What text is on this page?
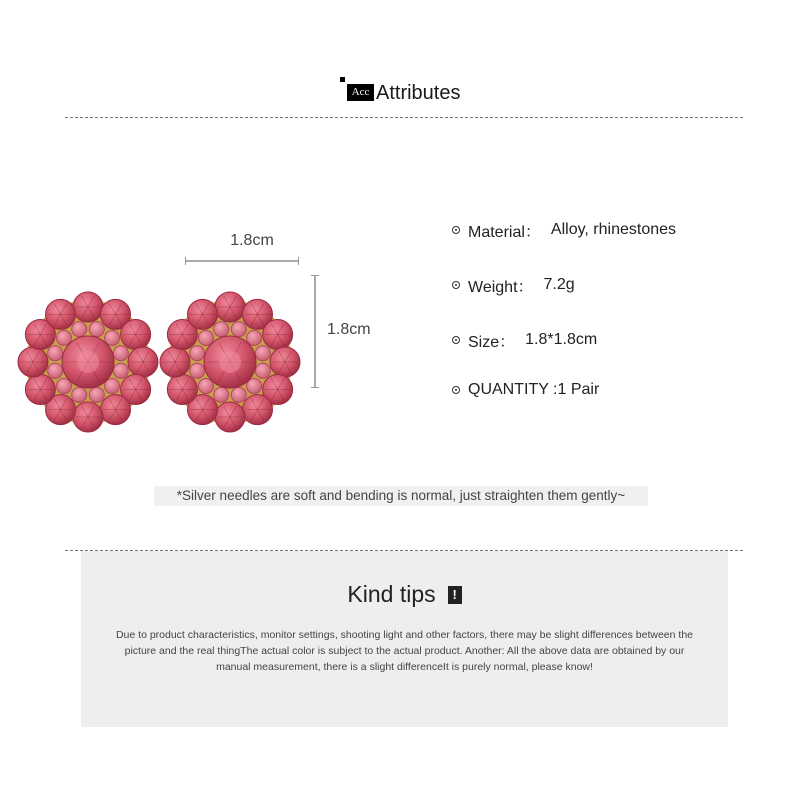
Acc Attributes
1.8cm
1.8cm
Material： Alloy, rhinestones
Weight： 7.2g
Size： 1.8*1.8cm
QUANTITY : 1 Pair
*Silver needles are soft and bending is normal, just straighten them gently~
Kind tips	!
Due to product characteristics, monitor settings, shooting light and other factors, there may be slight differences between the picture and the real thingThe actual color is subject to the actual product. Another: All the above data are obtained by our manual measurement, there is a slight differenceIt is purely normal, please know!
